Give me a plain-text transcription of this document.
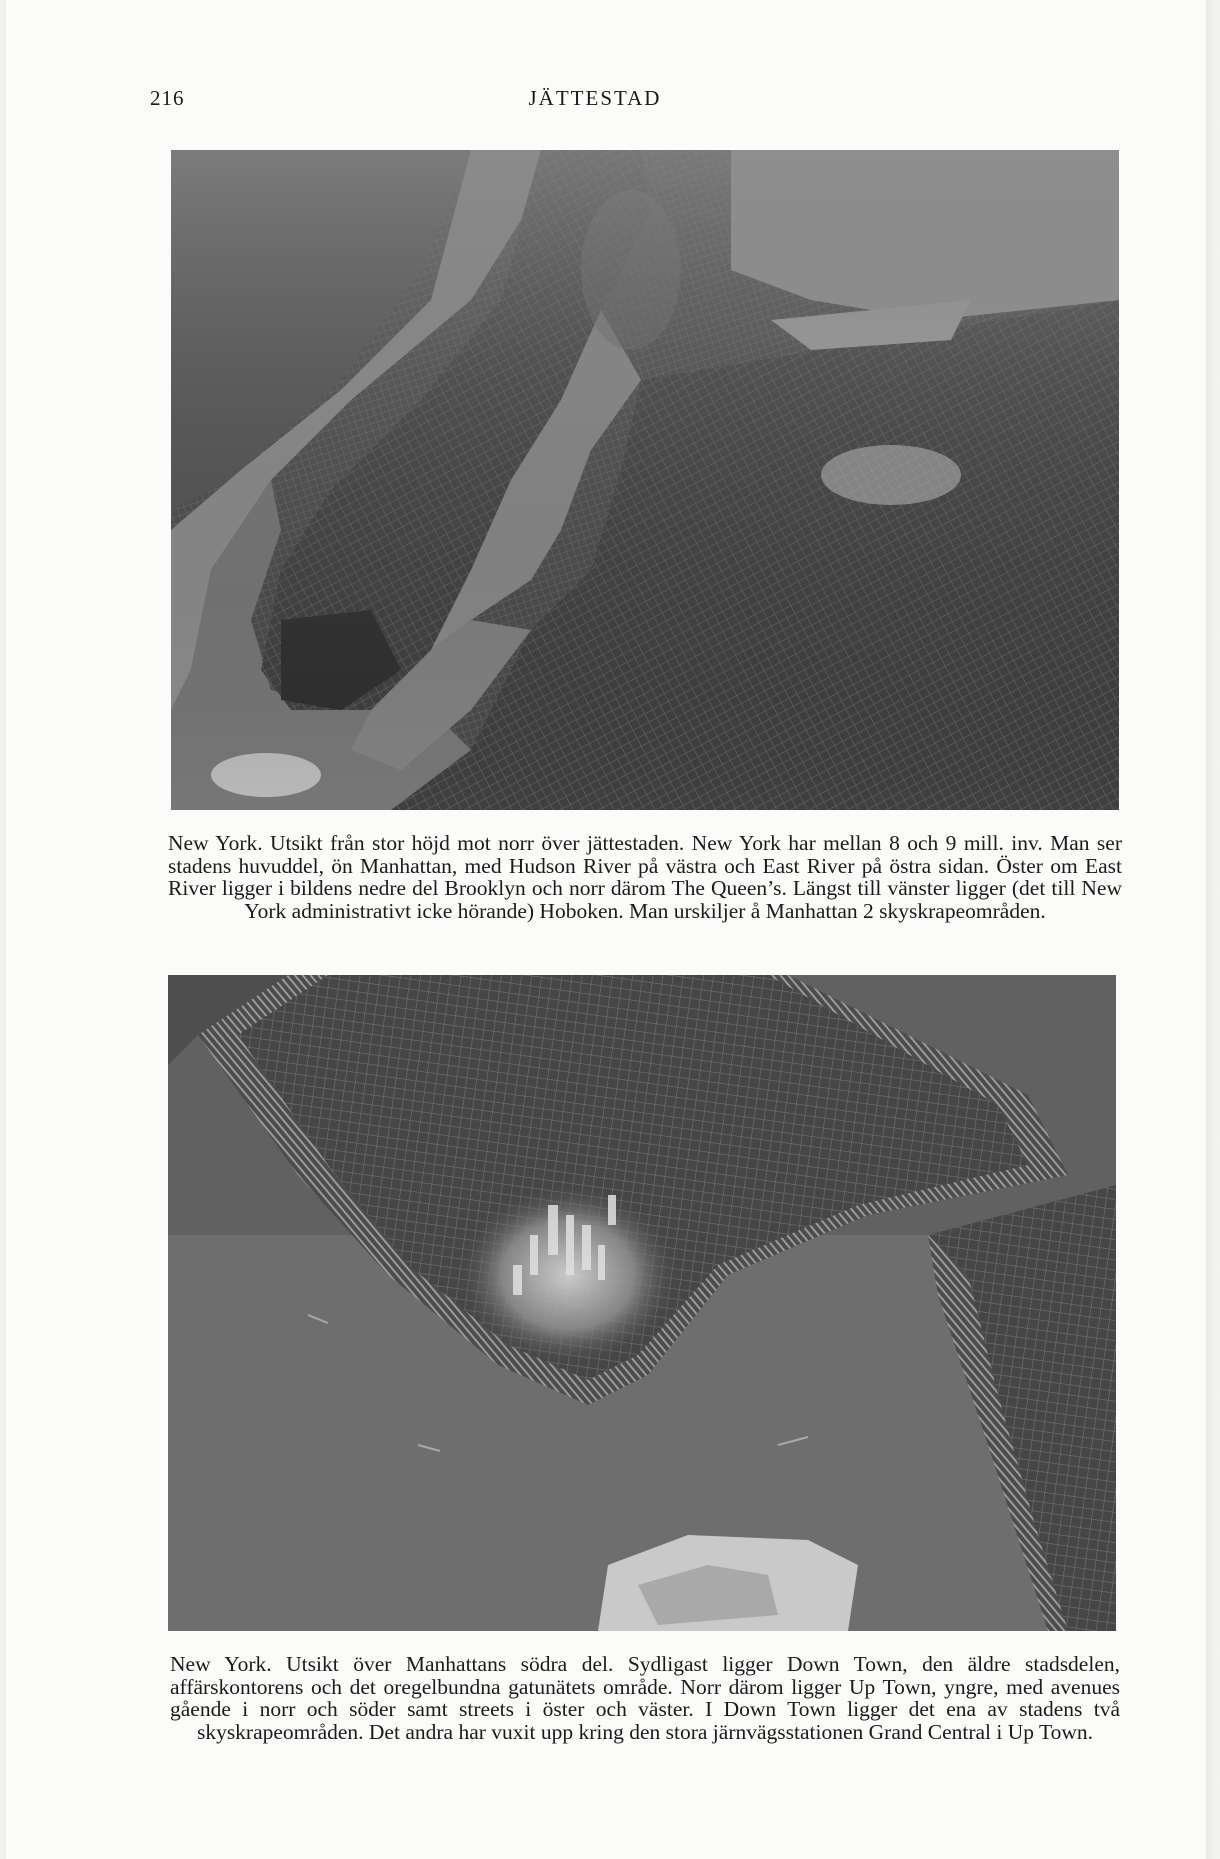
216	JÄTTESTAD
New York. Utsikt från stor höjd mot norr över jättestaden. New York har mellan 8 och 9 mill. inv. Man ser stadens huvuddel, ön Manhattan, med Hudson River på västra och East River på östra sidan. Öster om East River ligger i bildens nedre del Brooklyn och norr därom The Queen’s. Längst till vänster ligger (det till New York administrativt icke hörande) Hoboken. Man urskiljer å Manhattan 2 skyskrapeområden.
New York. Utsikt över Manhattans södra del. Sydligast ligger Down Town, den äldre stadsdelen, affärskontorens och det oregelbundna gatunätets område. Norr därom ligger Up Town, yngre, med avenues gående i norr och söder samt streets i öster och väster. I Down Town ligger det ena av stadens två skyskrapeområden. Det andra har vuxit upp kring den stora järnvägsstationen Grand Central i Up Town.
